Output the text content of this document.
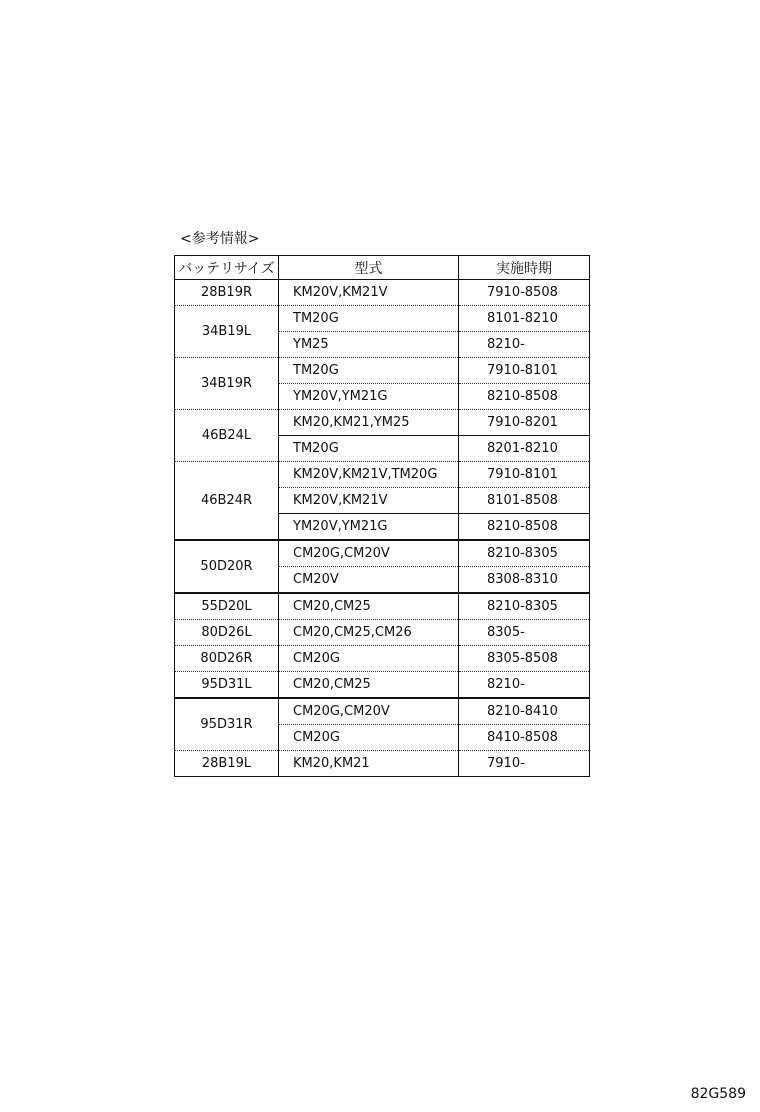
<参考情報>
バッテリサイズ	型式	実施時期
28B19R	KM20V,KM21V	7910-8508
34B19L	TM20G	8101-8210
	YM25	8210-
34B19R	TM20G	7910-8101
	YM20V,YM21G	8210-8508
46B24L	KM20,KM21,YM25	7910-8201
	TM20G	8201-8210
46B24R	KM20V,KM21V,TM20G	7910-8101
	KM20V,KM21V	8101-8508
	YM20V,YM21G	8210-8508
50D20R	CM20G,CM20V	8210-8305
	CM20V	8308-8310
55D20L	CM20,CM25	8210-8305
80D26L	CM20,CM25,CM26	8305-
80D26R	CM20G	8305-8508
95D31L	CM20,CM25	8210-
95D31R	CM20G,CM20V	8210-8410
	CM20G	8410-8508
28B19L	KM20,KM21	7910-
82G589
